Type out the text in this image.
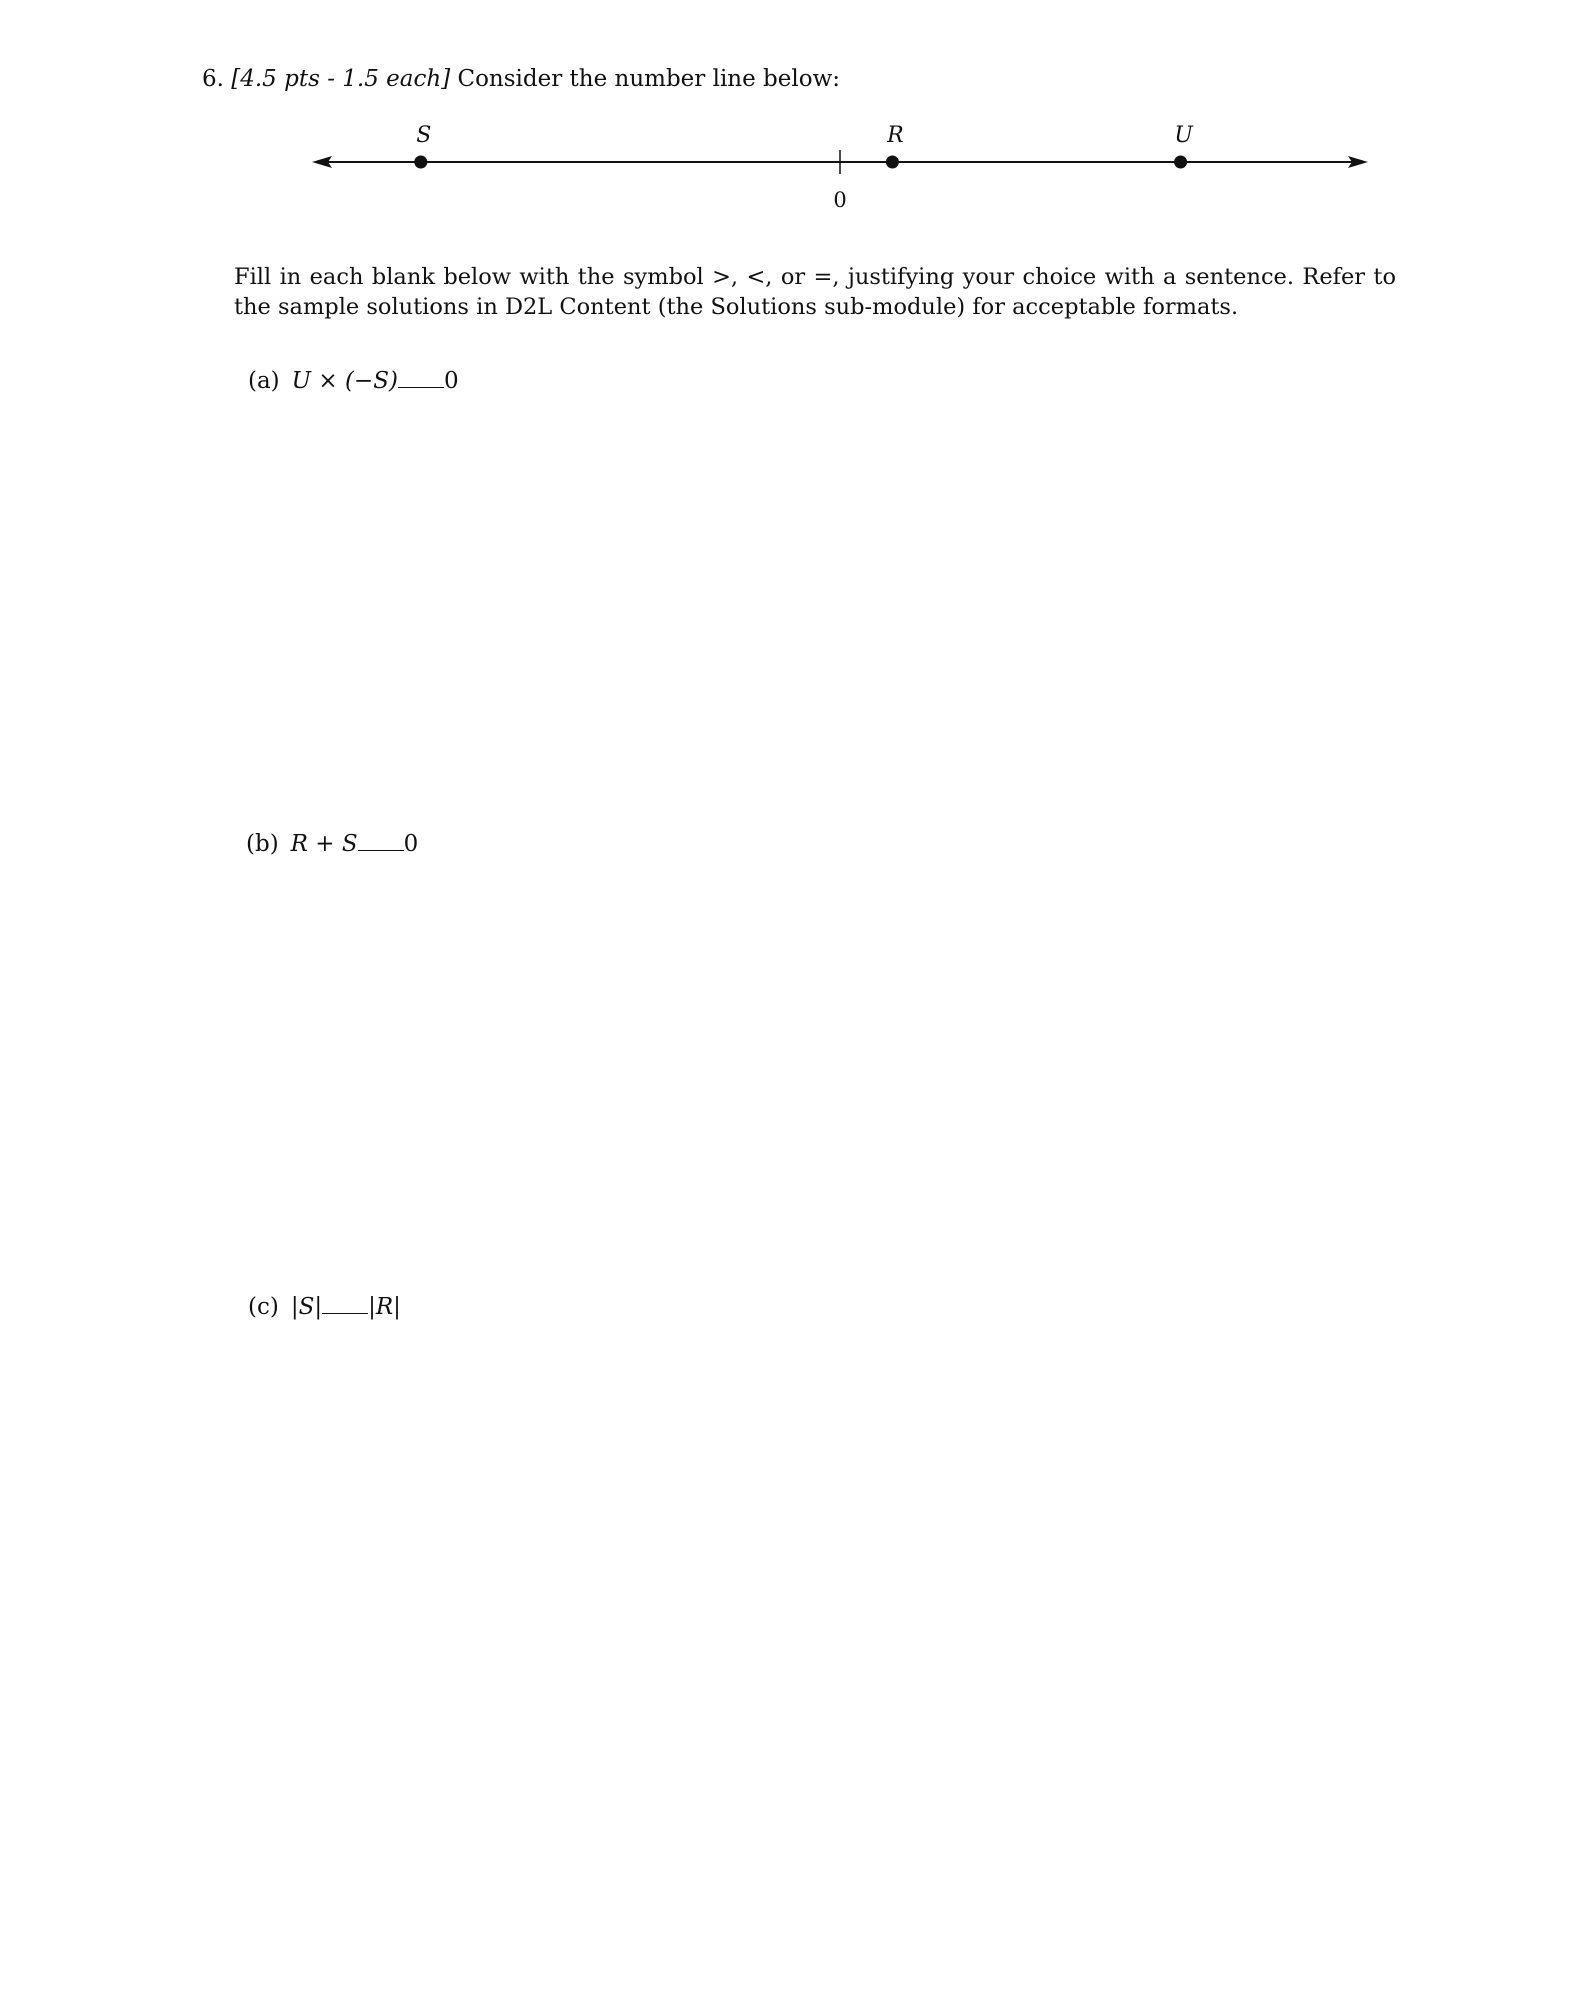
6. [4.5 pts - 1.5 each] Consider the number line below:
0
S	R	U
Fill in each blank below with the symbol >, <, or =, justifying your choice with a sentence. Refer to the sample solutions in D2L Content (the Solutions sub-module) for acceptable formats.
(a) U × (−S) 0
(b) R + S 0
(c) |S| |R|
